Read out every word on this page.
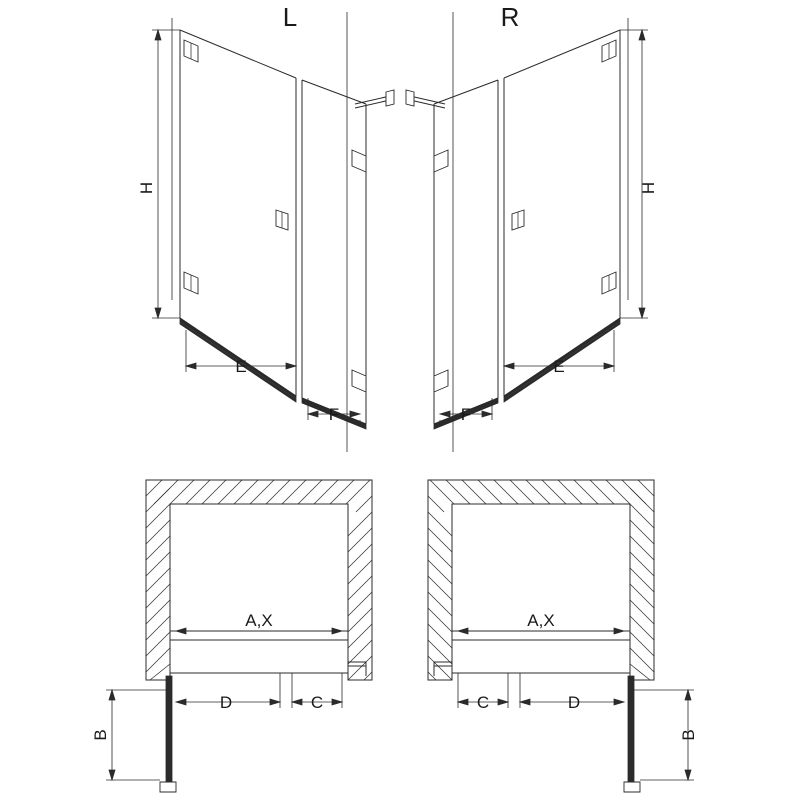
H
E
F
L
H
E
F
R
A,X
D	C
B
A,X
C	D
B
